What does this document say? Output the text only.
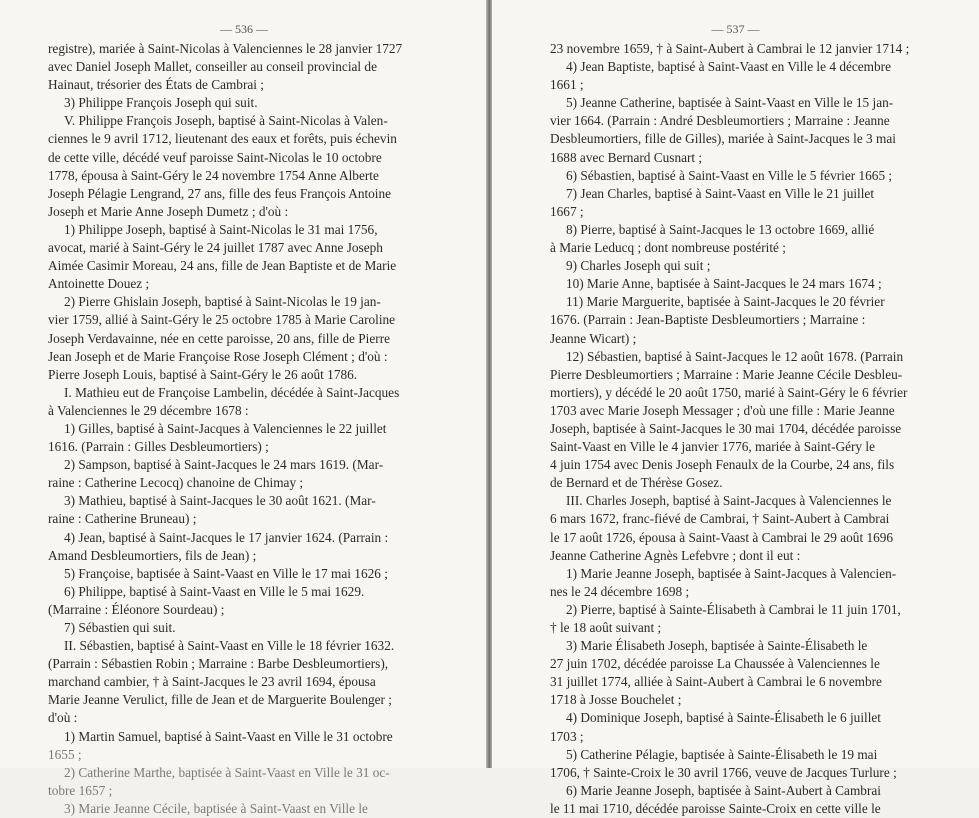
— 536 —
registre), mariée à Saint-Nicolas à Valenciennes le 28 janvier 1727
avec Daniel Joseph Mallet, conseiller au conseil provincial de
Hainaut, trésorier des États de Cambrai ;
3) Philippe François Joseph qui suit.
V. Philippe François Joseph, baptisé à Saint-Nicolas à Valen-
ciennes le 9 avril 1712, lieutenant des eaux et forêts, puis échevin
de cette ville, décédé veuf paroisse Saint-Nicolas le 10 octobre
1778, épousa à Saint-Géry le 24 novembre 1754 Anne Alberte
Joseph Pélagie Lengrand, 27 ans, fille des feus François Antoine
Joseph et Marie Anne Joseph Dumetz ; d'où :
1) Philippe Joseph, baptisé à Saint-Nicolas le 31 mai 1756,
avocat, marié à Saint-Géry le 24 juillet 1787 avec Anne Joseph
Aimée Casimir Moreau, 24 ans, fille de Jean Baptiste et de Marie
Antoinette Douez ;
2) Pierre Ghislain Joseph, baptisé à Saint-Nicolas le 19 jan-
vier 1759, allié à Saint-Géry le 25 octobre 1785 à Marie Caroline
Joseph Verdavainne, née en cette paroisse, 20 ans, fille de Pierre
Jean Joseph et de Marie Françoise Rose Joseph Clément ; d'où :
Pierre Joseph Louis, baptisé à Saint-Géry le 26 août 1786.
I. Mathieu eut de Françoise Lambelin, décédée à Saint-Jacques
à Valenciennes le 29 décembre 1678 :
1) Gilles, baptisé à Saint-Jacques à Valenciennes le 22 juillet
1616. (Parrain : Gilles Desbleumortiers) ;
2) Sampson, baptisé à Saint-Jacques le 24 mars 1619. (Mar-
raine : Catherine Lecocq) chanoine de Chimay ;
3) Mathieu, baptisé à Saint-Jacques le 30 août 1621. (Mar-
raine : Catherine Bruneau) ;
4) Jean, baptisé à Saint-Jacques le 17 janvier 1624. (Parrain :
Amand Desbleumortiers, fils de Jean) ;
5) Françoise, baptisée à Saint-Vaast en Ville le 17 mai 1626 ;
6) Philippe, baptisé à Saint-Vaast en Ville le 5 mai 1629.
(Marraine : Éléonore Sourdeau) ;
7) Sébastien qui suit.
II. Sébastien, baptisé à Saint-Vaast en Ville le 18 février 1632.
(Parrain : Sébastien Robin ; Marraine : Barbe Desbleumortiers),
marchand cambier, † à Saint-Jacques le 23 avril 1694, épousa
Marie Jeanne Verulict, fille de Jean et de Marguerite Boulenger ;
d'où :
1) Martin Samuel, baptisé à Saint-Vaast en Ville le 31 octobre
1655 ;
2) Catherine Marthe, baptisée à Saint-Vaast en Ville le 31 oc-
tobre 1657 ;
3) Marie Jeanne Cécile, baptisée à Saint-Vaast en Ville le
— 537 —
23 novembre 1659, † à Saint-Aubert à Cambrai le 12 janvier 1714 ;
4) Jean Baptiste, baptisé à Saint-Vaast en Ville le 4 décembre
1661 ;
5) Jeanne Catherine, baptisée à Saint-Vaast en Ville le 15 jan-
vier 1664. (Parrain : André Desbleumortiers ; Marraine : Jeanne
Desbleumortiers, fille de Gilles), mariée à Saint-Jacques le 3 mai
1688 avec Bernard Cusnart ;
6) Sébastien, baptisé à Saint-Vaast en Ville le 5 février 1665 ;
7) Jean Charles, baptisé à Saint-Vaast en Ville le 21 juillet
1667 ;
8) Pierre, baptisé à Saint-Jacques le 13 octobre 1669, allié
à Marie Leducq ; dont nombreuse postérité ;
9) Charles Joseph qui suit ;
10) Marie Anne, baptisée à Saint-Jacques le 24 mars 1674 ;
11) Marie Marguerite, baptisée à Saint-Jacques le 20 février
1676. (Parrain : Jean-Baptiste Desbleumortiers ; Marraine :
Jeanne Wicart) ;
12) Sébastien, baptisé à Saint-Jacques le 12 août 1678. (Parrain
Pierre Desbleumortiers ; Marraine : Marie Jeanne Cécile Desbleu-
mortiers), y décédé le 20 août 1750, marié à Saint-Géry le 6 février
1703 avec Marie Joseph Messager ; d'où une fille : Marie Jeanne
Joseph, baptisée à Saint-Jacques le 30 mai 1704, décédée paroisse
Saint-Vaast en Ville le 4 janvier 1776, mariée à Saint-Géry le
4 juin 1754 avec Denis Joseph Fenaulx de la Courbe, 24 ans, fils
de Bernard et de Thérèse Gosez.
III. Charles Joseph, baptisé à Saint-Jacques à Valenciennes le
6 mars 1672, franc-fiévé de Cambrai, † Saint-Aubert à Cambrai
le 17 août 1726, épousa à Saint-Vaast à Cambrai le 29 août 1696
Jeanne Catherine Agnès Lefebvre ; dont il eut :
1) Marie Jeanne Joseph, baptisée à Saint-Jacques à Valencien-
nes le 24 décembre 1698 ;
2) Pierre, baptisé à Sainte-Élisabeth à Cambrai le 11 juin 1701,
† le 18 août suivant ;
3) Marie Élisabeth Joseph, baptisée à Sainte-Élisabeth le
27 juin 1702, décédée paroisse La Chaussée à Valenciennes le
31 juillet 1774, alliée à Saint-Aubert à Cambrai le 6 novembre
1718 à Josse Bouchelet ;
4) Dominique Joseph, baptisé à Sainte-Élisabeth le 6 juillet
1703 ;
5) Catherine Pélagie, baptisée à Sainte-Élisabeth le 19 mai
1706, † Sainte-Croix le 30 avril 1766, veuve de Jacques Turlure ;
6) Marie Jeanne Joseph, baptisée à Saint-Aubert à Cambrai
le 11 mai 1710, décédée paroisse Sainte-Croix en cette ville le
